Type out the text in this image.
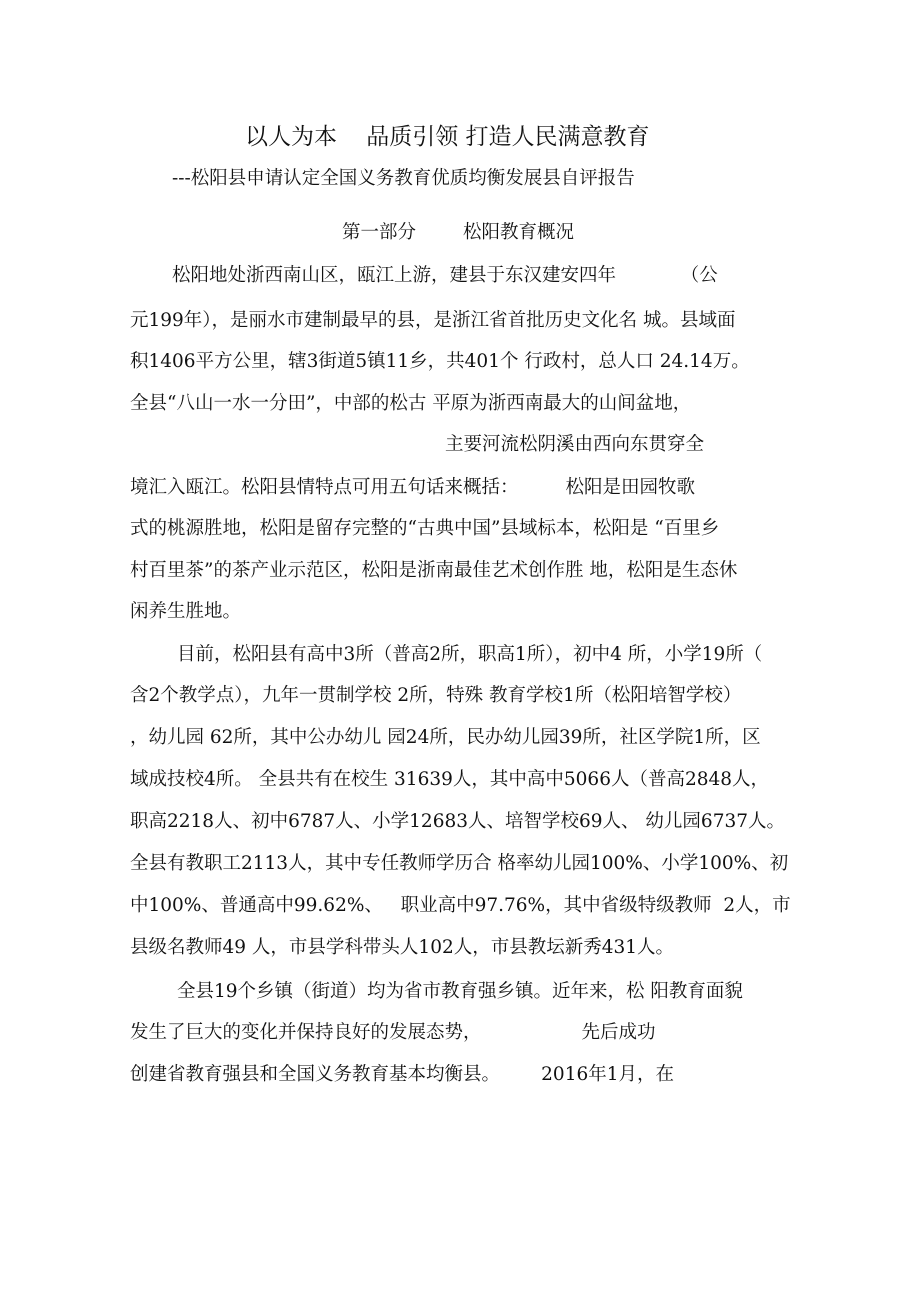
以人为本    品质引领 打造人民满意教育
---松阳县申请认定全国义务教育优质均衡发展县自评报告
第一部分        松阳教育概况
松阳地处浙西南山区，瓯江上游，建县于东汉建安四年           （公
元199年），是丽水市建制最早的县，是浙江省首批历史文化名 城。县域面
积1406平方公里，辖3街道5镇11乡，共401个 行政村，总人口 24.14万。
全县“八山一水一分田”，中部的松古 平原为浙西南最大的山间盆地，
主要河流松阴溪由西向东贯穿全
境汇入瓯江。松阳县情特点可用五句话来概括：        松阳是田园牧歌
式的桃源胜地，松阳是留存完整的“古典中国”县域标本，松阳是 “百里乡
村百里茶”的茶产业示范区，松阳是浙南最佳艺术创作胜 地，松阳是生态休
闲养生胜地。
目前，松阳县有高中3所（普高2所，职高1所），初中4 所，小学19所（
含2个教学点），九年一贯制学校 2所，特殊 教育学校1所（松阳培智学校）
，幼儿园 62所，其中公办幼儿 园24所，民办幼儿园39所，社区学院1所，区
域成技校4所。 全县共有在校生 31639人，其中高中5066人（普高2848人，
职高2218人、初中6787人、小学12683人、培智学校69人、 幼儿园6737人。
全县有教职工2113人，其中专任教师学历合 格率幼儿园100%、小学100%、初
中100%、普通高中99.62%、   职业高中97.76%，其中省级特级教师  2人，市
县级名教师49 人，市县学科带头人102人，市县教坛新秀431人。
全县19个乡镇（街道）均为省市教育强乡镇。近年来，松 阳教育面貌
发生了巨大的变化并保持良好的发展态势，                 先后成功
创建省教育强县和全国义务教育基本均衡县。       2016年1月，在
